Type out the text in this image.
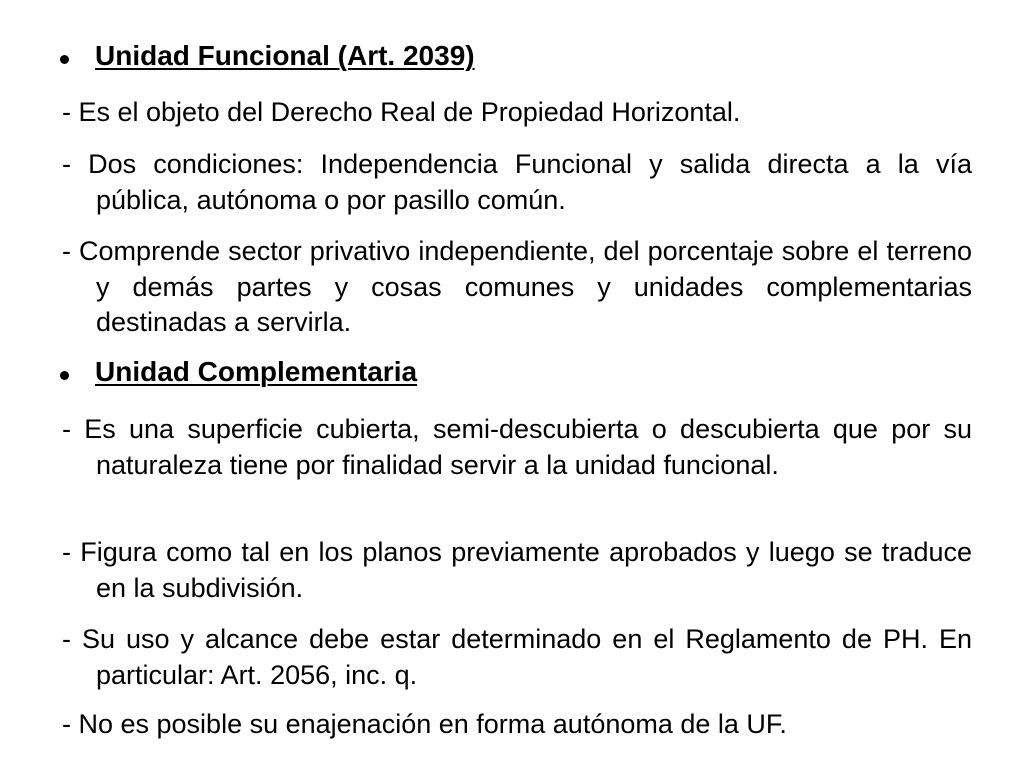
Unidad Funcional (Art. 2039)
- Es el objeto del Derecho Real de Propiedad Horizontal.
- Dos condiciones: Independencia Funcional y salida directa a la vía pública, autónoma o por pasillo común.
- Comprende sector privativo independiente, del porcentaje sobre el terreno y demás partes y cosas comunes y unidades complementarias destinadas a servirla.
Unidad Complementaria
- Es una superficie cubierta, semi-descubierta o descubierta que por su naturaleza tiene por finalidad servir a la unidad funcional.
- Figura como tal en los planos previamente aprobados y luego se traduce en la subdivisión.
- Su uso y alcance debe estar determinado en el Reglamento de PH. En particular: Art. 2056, inc. q.
- No es posible su enajenación en forma autónoma de la UF.
